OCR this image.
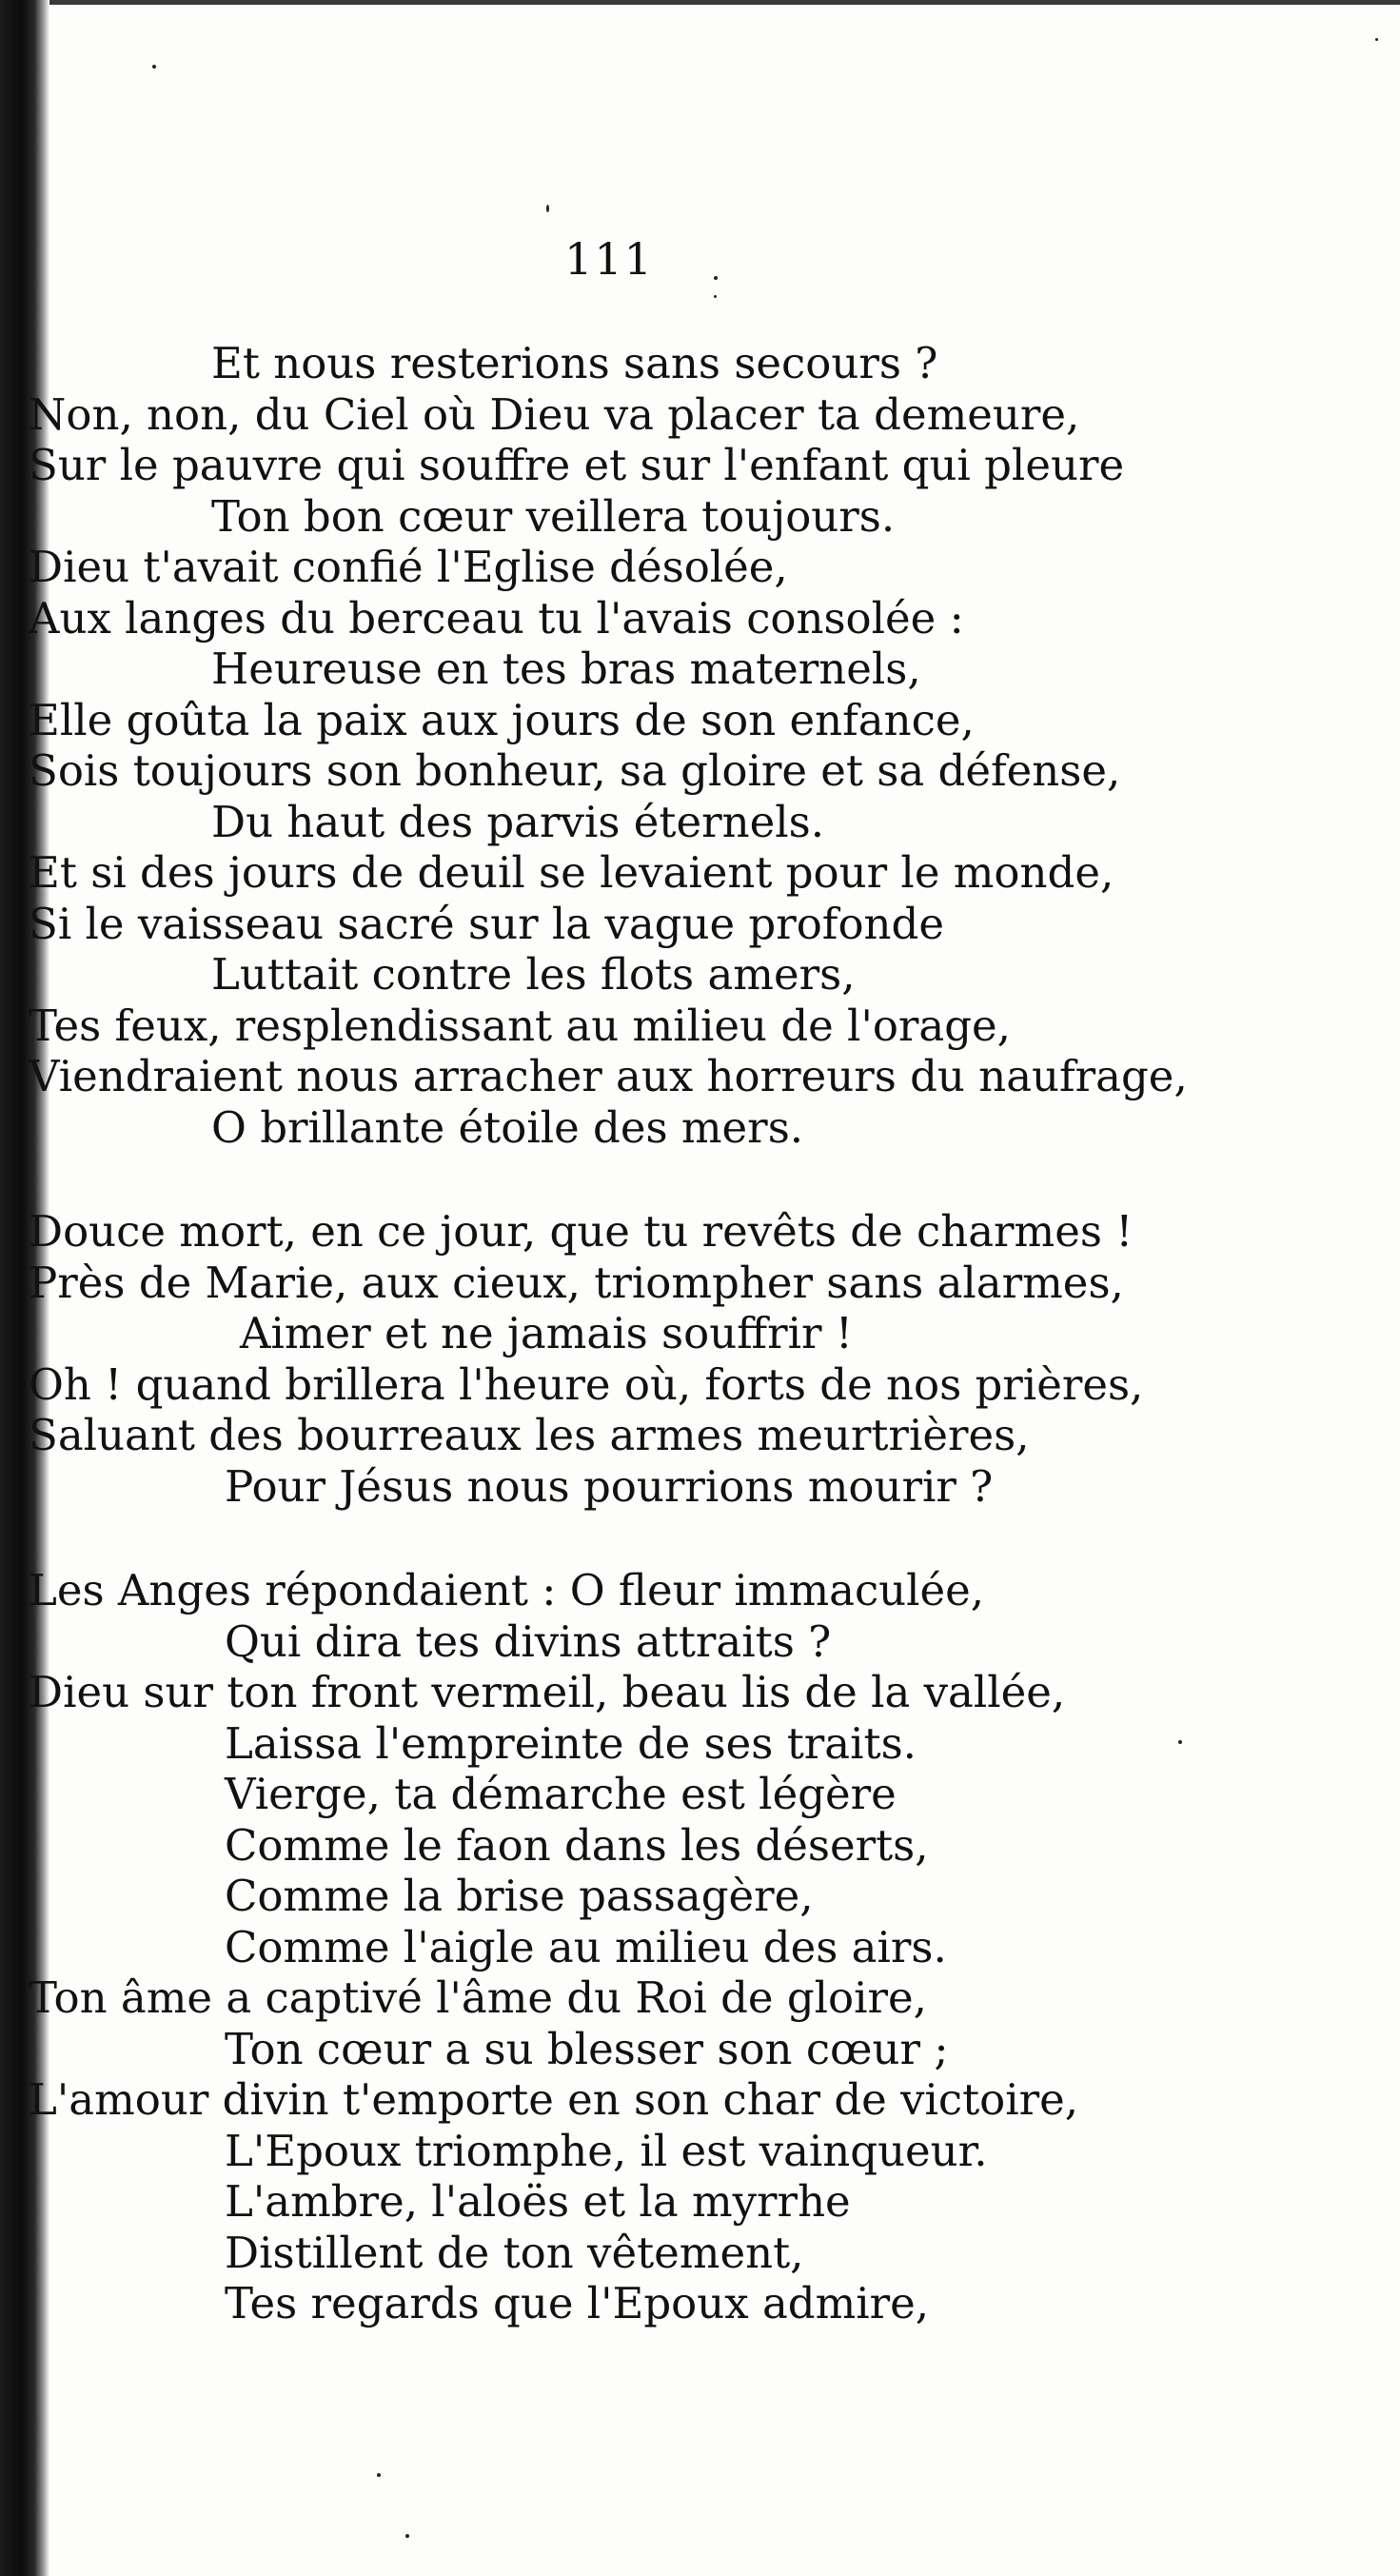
111
Et nous resterions sans secours ?
Non, non, du Ciel où Dieu va placer ta demeure,
Sur le pauvre qui souffre et sur l'enfant qui pleure
Ton bon cœur veillera toujours.
Dieu t'avait confié l'Eglise désolée,
Aux langes du berceau tu l'avais consolée :
Heureuse en tes bras maternels,
Elle goûta la paix aux jours de son enfance,
Sois toujours son bonheur, sa gloire et sa défense,
Du haut des parvis éternels.
Et si des jours de deuil se levaient pour le monde,
Si le vaisseau sacré sur la vague profonde
Luttait contre les flots amers,
Tes feux, resplendissant au milieu de l'orage,
Viendraient nous arracher aux horreurs du naufrage,
O brillante étoile des mers.
Douce mort, en ce jour, que tu revêts de charmes !
Près de Marie, aux cieux, triompher sans alarmes,
Aimer et ne jamais souffrir !
Oh ! quand brillera l'heure où, forts de nos prières,
Saluant des bourreaux les armes meurtrières,
Pour Jésus nous pourrions mourir ?
Les Anges répondaient : O fleur immaculée,
Qui dira tes divins attraits ?
Dieu sur ton front vermeil, beau lis de la vallée,
Laissa l'empreinte de ses traits.
Vierge, ta démarche est légère
Comme le faon dans les déserts,
Comme la brise passagère,
Comme l'aigle au milieu des airs.
Ton âme a captivé l'âme du Roi de gloire,
Ton cœur a su blesser son cœur ;
L'amour divin t'emporte en son char de victoire,
L'Epoux triomphe, il est vainqueur.
L'ambre, l'aloës et la myrrhe
Distillent de ton vêtement,
Tes regards que l'Epoux admire,
